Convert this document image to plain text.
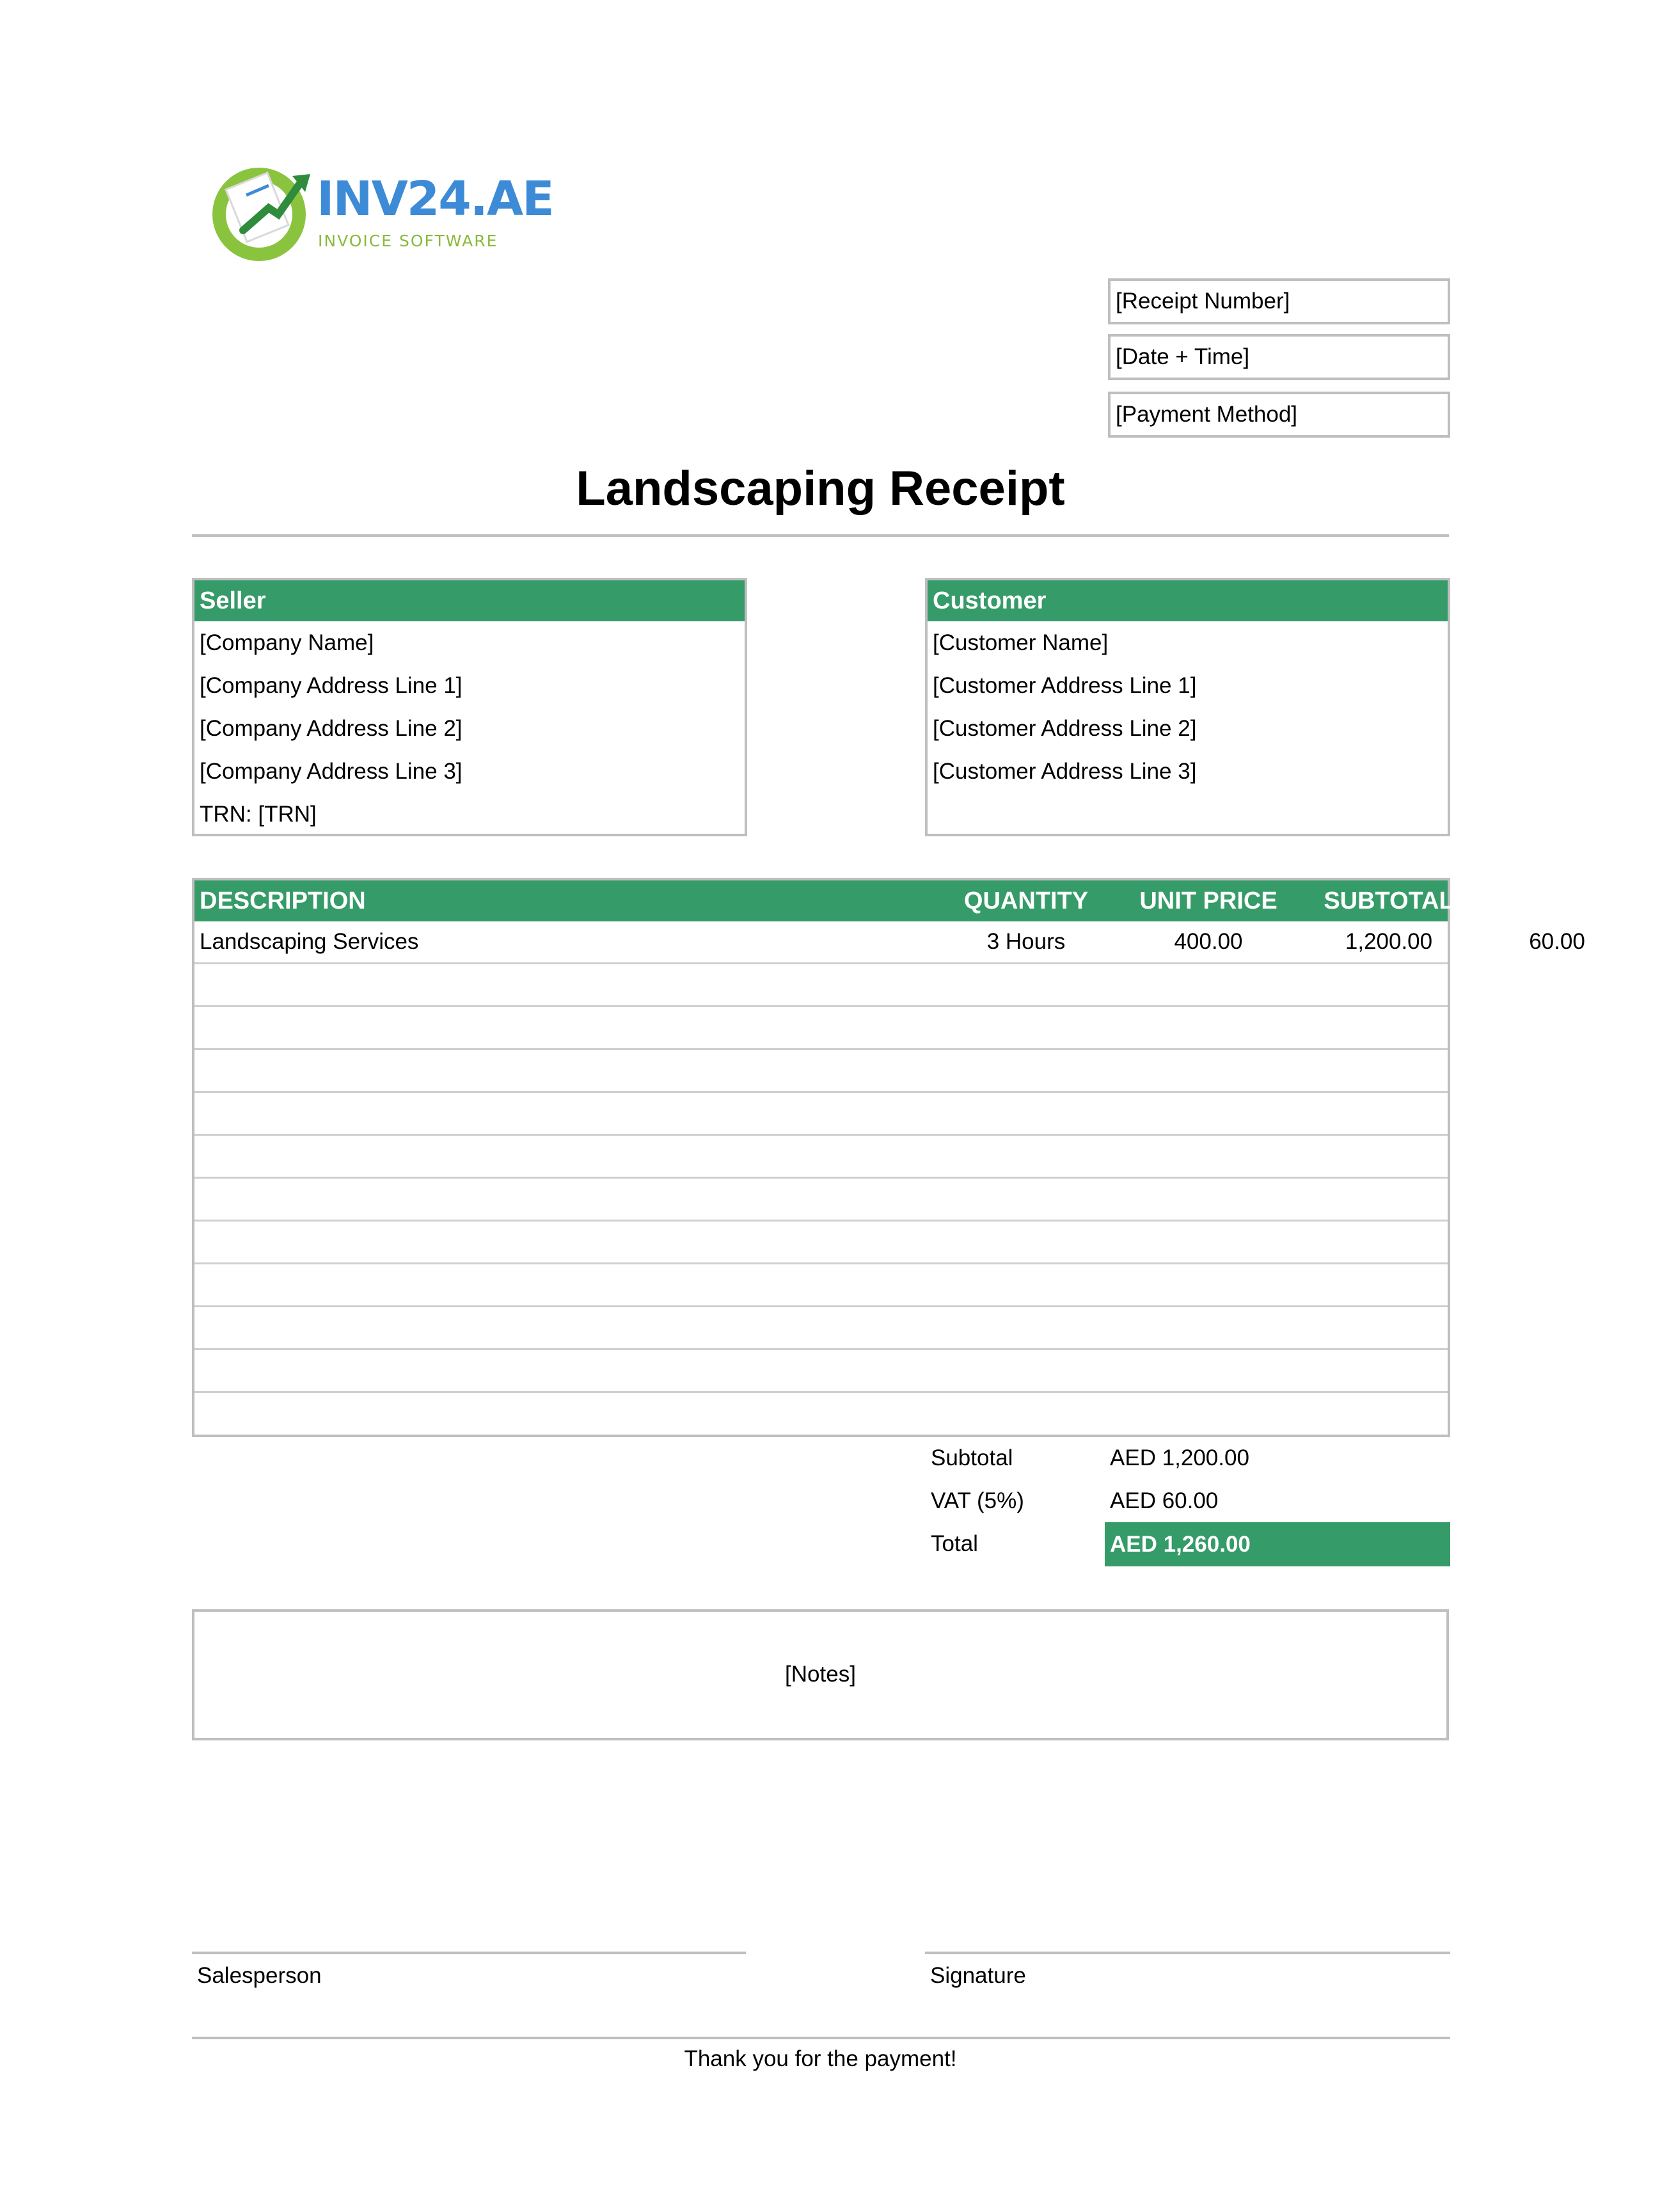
INV24.AE
INVOICE SOFTWARE
[Receipt Number]
[Date + Time]
[Payment Method]
Landscaping Receipt
Seller
[Company Name]
[Company Address Line 1]
[Company Address Line 2]
[Company Address Line 3]
TRN: [TRN]
Customer
[Customer Name]
[Customer Address Line 1]
[Customer Address Line 2]
[Customer Address Line 3]
DESCRIPTION	QUANTITY	UNIT PRICE	SUBTOTAL	VAT
Landscaping Services	3 Hours	400.00	1,200.00	60.00
Subtotal	AED 1,200.00
VAT (5%)	AED 60.00
Total	AED 1,260.00
[Notes]
Salesperson	Signature
Thank you for the payment!
